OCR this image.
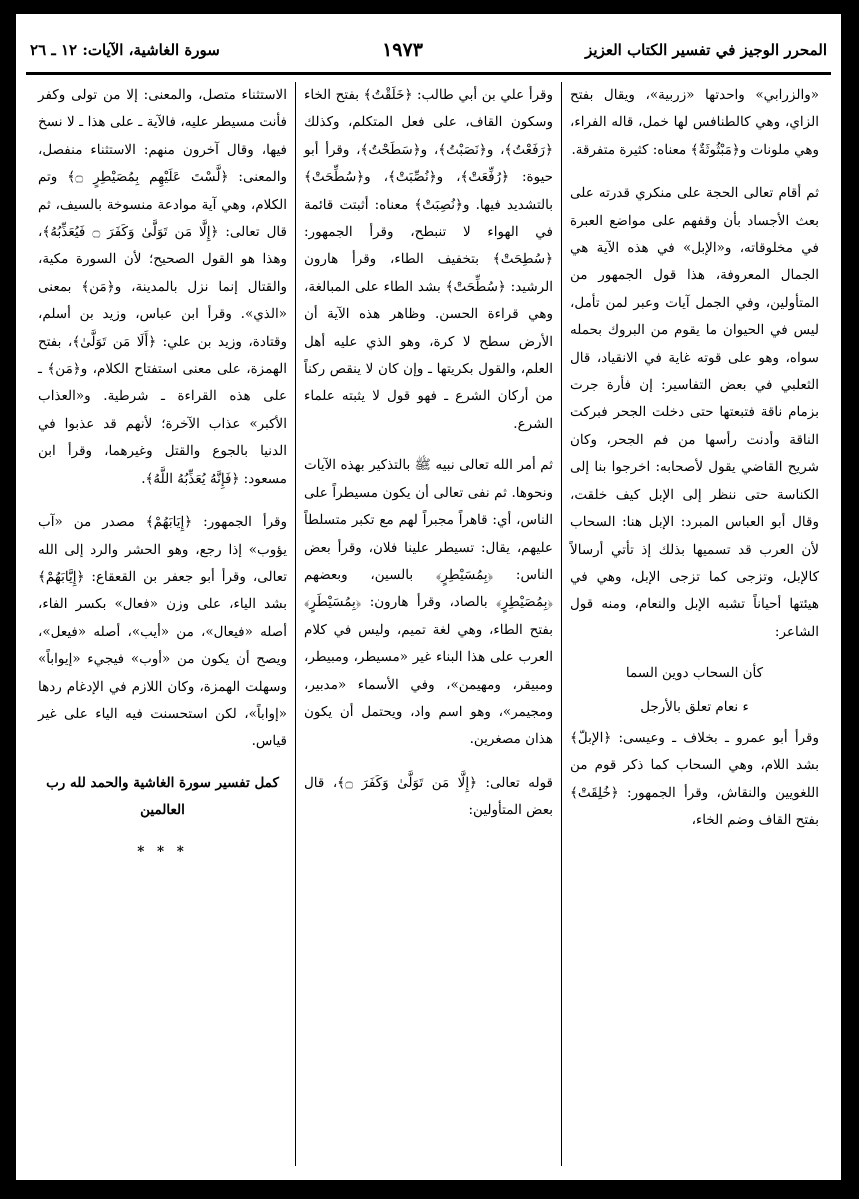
سورة الغاشية، الآيات: ١٢ ـ ٢٦	١٩٧٣	المحرر الوجيز في تفسير الكتاب العزيز

«والزرابي» واحدتها «زربية»، ويقال بفتح الزاي، وهي كالطنافس لها خمل، قاله الفراء، وهي ملونات و﴿مَبْثُوثَةٌ﴾ معناه: كثيرة متفرقة.

ثم أقام تعالى الحجة على منكري قدرته على بعث الأجساد بأن وقفهم على مواضع العبرة في مخلوقاته، و«الإبل» في هذه الآية هي الجمال المعروفة، هذا قول الجمهور من المتأولين، وفي الجمل آيات وعبر لمن تأمل، ليس في الحيوان ما يقوم من البروك بحمله سواه، وهو على قوته غاية في الانقياد، قال الثعلبي في بعض التفاسير: إن فأرة جرت بزمام ناقة فتبعتها حتى دخلت الجحر فبركت الناقة وأدنت رأسها من فم الجحر، وكان شريح القاضي يقول لأصحابه: اخرجوا بنا إلى الكناسة حتى ننظر إلى الإبل كيف خلقت، وقال أبو العباس المبرد: الإبل هنا: السحاب لأن العرب قد تسميها بذلك إذ تأتي أرسالاً كالإبل، وتزجى كما تزجى الإبل، وهي في هيئتها أحياناً تشبه الإبل والنعام، ومنه قول الشاعر:

كأن السحاب دوين السما

ء نعام تعلق بالأرجل

وقرأ أبو عمرو ـ بخلاف ـ وعيسى: ﴿الإبلّ﴾ بشد اللام، وهي السحاب كما ذكر قوم من اللغويين والنقاش، وقرأ الجمهور: ﴿خُلِقَتْ﴾ بفتح القاف وضم الخاء،

وقرأ علي بن أبي طالب: ﴿خَلَقْتُ﴾ بفتح الخاء وسكون القاف، على فعل المتكلم، وكذلك ﴿رَفَعْتُ﴾، و﴿نَصَبْتُ﴾، و﴿سَطَحْتُ﴾، وقرأ أبو حيوة: ﴿رُفِّعَتْ﴾، و﴿نُصِّبَتْ﴾، و﴿سُطِّحَتْ﴾ بالتشديد فيها. و﴿نُصِبَتْ﴾ معناه: أثبتت قائمة في الهواء لا تنبطح، وقرأ الجمهور: ﴿سُطِحَتْ﴾ بتخفيف الطاء، وقرأ هارون الرشيد: ﴿سُطِّحَتْ﴾ بشد الطاء على المبالغة، وهي قراءة الحسن. وظاهر هذه الآية أن الأرض سطح لا كرة، وهو الذي عليه أهل العلم، والقول بكريتها ـ وإن كان لا ينقص ركناً من أركان الشرع ـ فهو قول لا يثبته علماء الشرع.

ثم أمر الله تعالى نبيه ﷺ بالتذكير بهذه الآيات ونحوها. ثم نفى تعالى أن يكون مسيطراً على الناس، أي: قاهراً مجبراً لهم مع تكبر متسلطاً عليهم، يقال: تسيطر علينا فلان، وقرأ بعض الناس: ﴿بِمُسَيْطِرٍ﴾ بالسين، وبعضهم ﴿بِمُصَيْطِرٍ﴾ بالصاد، وقرأ هارون: ﴿بِمُسَيْطَرٍ﴾ بفتح الطاء، وهي لغة تميم، وليس في كلام العرب على هذا البناء غير «مسيطر، ومبيطر، ومبيقر، ومهيمن»، وفي الأسماء «مدبير، ومجيمر»، وهو اسم واد، ويحتمل أن يكون هذان مصغرين.

قوله تعالى: ﴿إِلَّا مَن تَوَلَّىٰ وَكَفَرَ ۝﴾، قال بعض المتأولين:

الاستثناء متصل، والمعنى: إلا من تولى وكفر فأنت مسيطر عليه، فالآية ـ على هذا ـ لا نسخ فيها، وقال آخرون منهم: الاستثناء منفصل، والمعنى: ﴿لَّسْتَ عَلَيْهِم بِمُصَيْطِرٍ ۝﴾ وتم الكلام، وهي آية موادعة منسوخة بالسيف، ثم قال تعالى: ﴿إِلَّا مَن تَوَلَّىٰ وَكَفَرَ ۝ فَيُعَذِّبُهُ﴾، وهذا هو القول الصحيح؛ لأن السورة مكية، والقتال إنما نزل بالمدينة، و﴿مَن﴾ بمعنى «الذي». وقرأ ابن عباس، وزيد بن أسلم، وقتادة، وزيد بن علي: ﴿أَلَا مَن تَوَلَّىٰ﴾، بفتح الهمزة، على معنى استفتاح الكلام، و﴿مَن﴾ ـ على هذه القراءة ـ شرطية. و«العذاب الأكبر» عذاب الآخرة؛ لأنهم قد عذبوا في الدنيا بالجوع والقتل وغيرهما، وقرأ ابن مسعود: ﴿فَإِنَّهُ يُعَذِّبُهُ اللَّهُ﴾.

وقرأ الجمهور: ﴿إِيَابَهُمْ﴾ مصدر من «آب يؤوب» إذا رجع، وهو الحشر والرد إلى الله تعالى، وقرأ أبو جعفر بن القعقاع: ﴿إِيَّابَهُمْ﴾ بشد الياء، على وزن «فعال» بكسر الفاء، أصله «فيعال»، من «أيب»، أصله «فيعل»، ويصح أن يكون من «أوب» فيجيء «إيواباً» وسهلت الهمزة، وكان اللازم في الإدغام ردها «إواباً»، لكن استحسنت فيه الياء على غير قياس.

كمل تفسير سورة الغاشية والحمد لله رب العالمين

* * *
